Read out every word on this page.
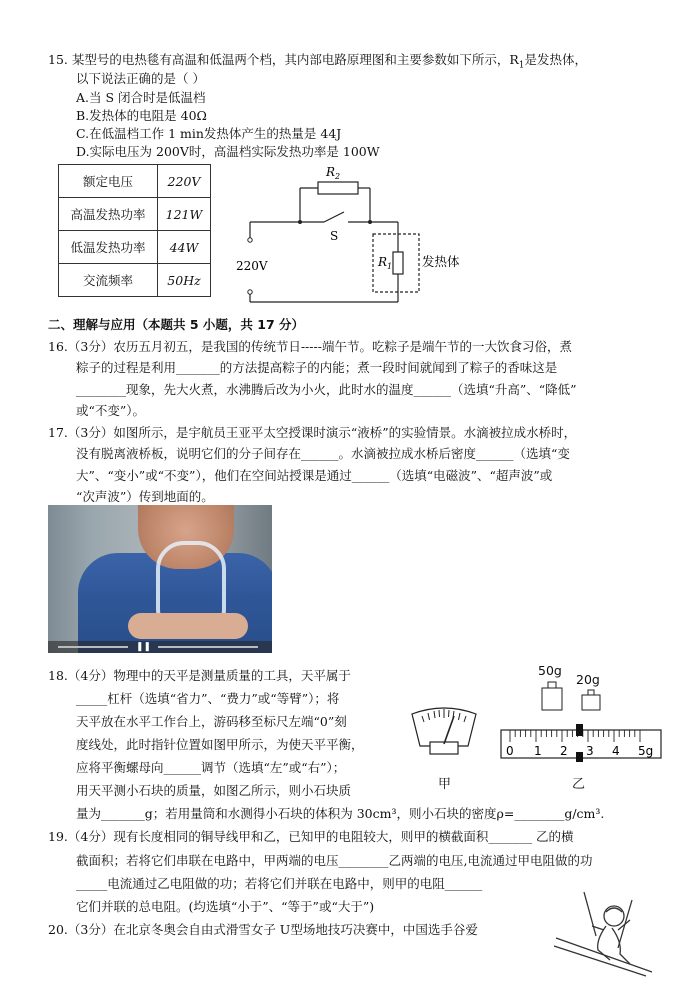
15. 某型号的电热毯有高温和低温两个档，其内部电路原理图和主要参数如下所示，$R_1$是发热体，
以下说法正确的是（ ）
A.当 S 闭合时是低温档
B.发热体的电阻是 40Ω
C.在低温档工作 1 min发热体产生的热量是 44J
D.实际电压为 200V时，高温档实际发热功率是 100W
额定电压	220V
高温发热功率	121W
低温发热功率	44W
交流频率	50Hz
$R_2$
S
220V	$R_1$ 发热体
二、理解与应用（本题共 5 小题，共 17 分）
16.（3分）农历五月初五，是我国的传统节日-----端午节。吃粽子是端午节的一大饮食习俗，煮
粽子的过程是利用_______的方法提高粽子的内能；煮一段时间就闻到了粽子的香味这是
________现象，先大火煮，水沸腾后改为小火，此时水的温度______（选填“升高”、“降低”
或“不变”）。
17.（3分）如图所示，是宇航员王亚平太空授课时演示“液桥”的实验情景。水滴被拉成水桥时，
没有脱离液桥板，说明它们的分子间存在______。水滴被拉成水桥后密度______（选填“变
大”、“变小”或“不变”），他们在空间站授课是通过______（选填“电磁波”、“超声波”或
“次声波”）传到地面的。
❚❚
18.（4分）物理中的天平是测量质量的工具，天平属于
_____杠杆（选填“省力”、“费力”或“等臂”）；将
天平放在水平工作台上，游码移至标尺左端“0”刻
度线处，此时指针位置如图甲所示，为使天平平衡，
应将平衡螺母向______调节（选填“左”或“右”）；
用天平测小石块的质量，如图乙所示，则小石块质
量为_______g；若用量筒和水测得小石块的体积为 30cm³，则小石块的密度ρ=________g/cm³.
甲
50g
20g
0 1 2 3 4 5g
乙
19.（4分）现有长度相同的铜导线甲和乙，已知甲的电阻较大，则甲的横截面积_______ 乙的横
截面积；若将它们串联在电路中，甲两端的电压________乙两端的电压,电流通过甲电阻做的功
_____电流通过乙电阻做的功；若将它们并联在电路中，则甲的电阻______
它们并联的总电阻。(均选填“小于”、“等于”或“大于”)
20.（3分）在北京冬奥会自由式滑雪女子 U型场地技巧决赛中，中国选手谷爱
